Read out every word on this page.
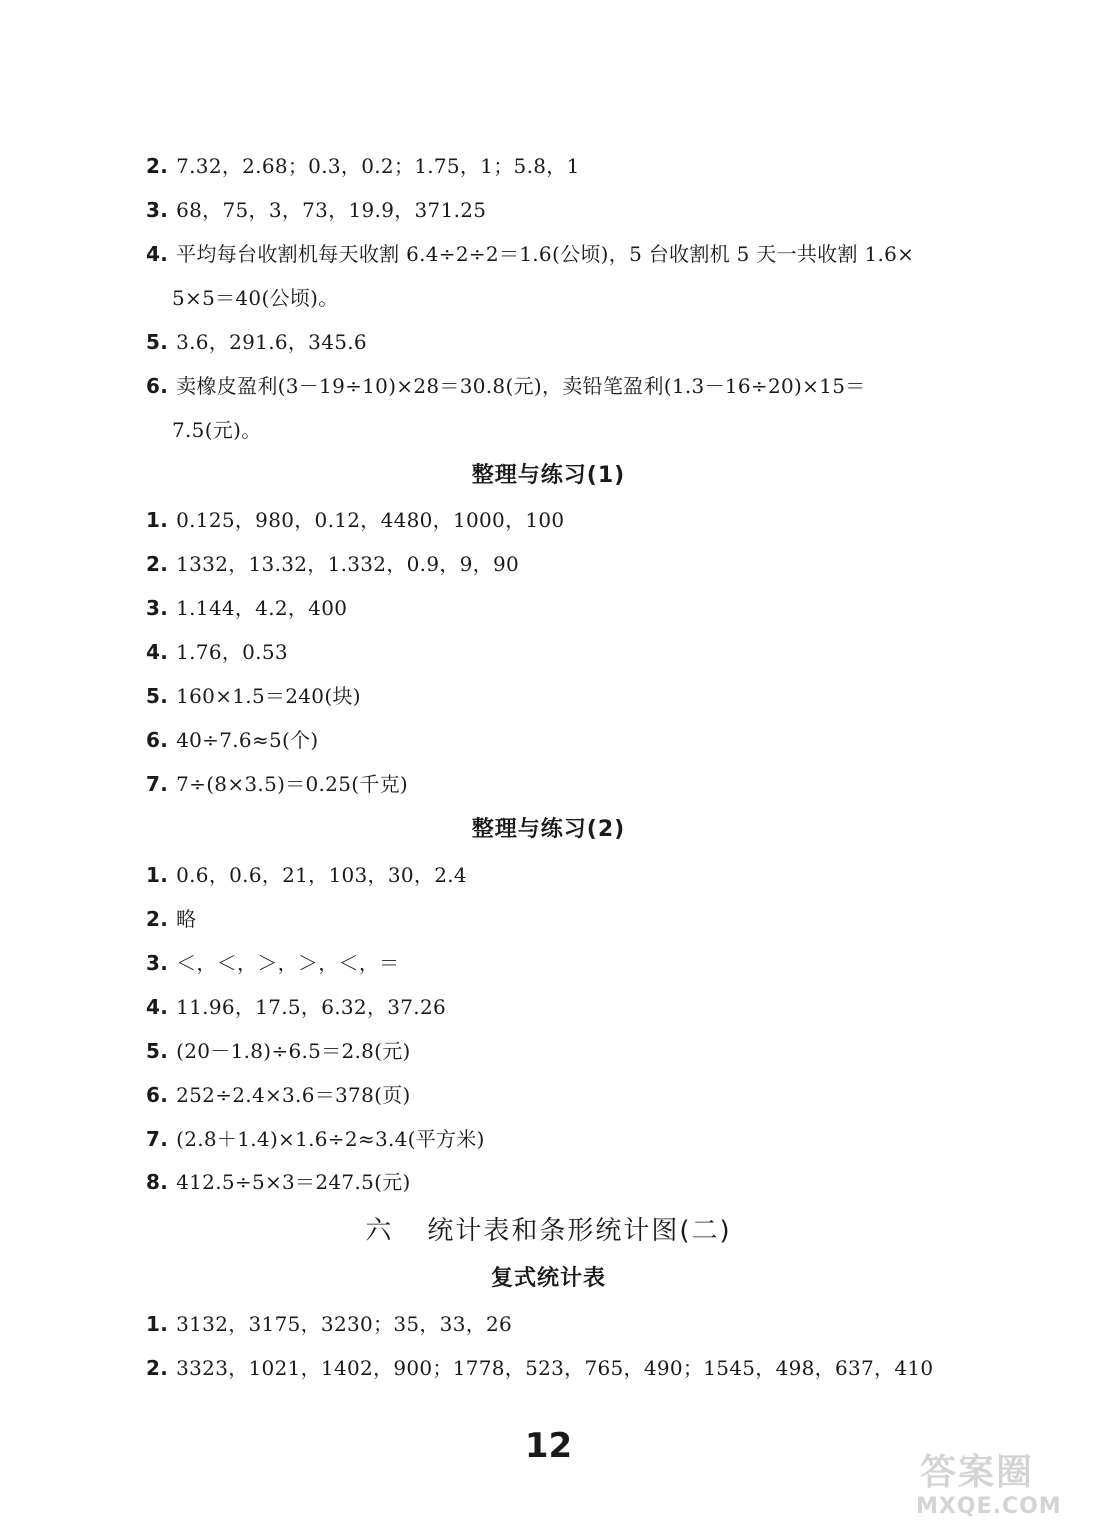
2. 7.32，2.68；0.3，0.2；1.75，1；5.8，1
3. 68，75，3，73，19.9，371.25
4. 平均每台收割机每天收割 6.4÷2÷2＝1.6(公顷)，5 台收割机 5 天一共收割 1.6×
5×5＝40(公顷)。
5. 3.6，291.6，345.6
6. 卖橡皮盈利(3－19÷10)×28＝30.8(元)，卖铅笔盈利(1.3－16÷20)×15＝
7.5(元)。
整理与练习(1)
1. 0.125，980，0.12，4480，1000，100
2. 1332，13.32，1.332，0.9，9，90
3. 1.144，4.2，400
4. 1.76，0.53
5. 160×1.5＝240(块)
6. 40÷7.6≈5(个)
7. 7÷(8×3.5)＝0.25(千克)
整理与练习(2)
1. 0.6，0.6，21，103，30，2.4
2. 略
3. ＜，＜，＞，＞，＜，＝
4. 11.96，17.5，6.32，37.26
5. (20－1.8)÷6.5＝2.8(元)
6. 252÷2.4×3.6＝378(页)
7. (2.8＋1.4)×1.6÷2≈3.4(平方米)
8. 412.5÷5×3＝247.5(元)
六 统计表和条形统计图(二)
复式统计表
1. 3132，3175，3230；35，33，26
2. 3323，1021，1402，900；1778，523，765，490；1545，498，637，410
12
答案圈
MXQE.COM
